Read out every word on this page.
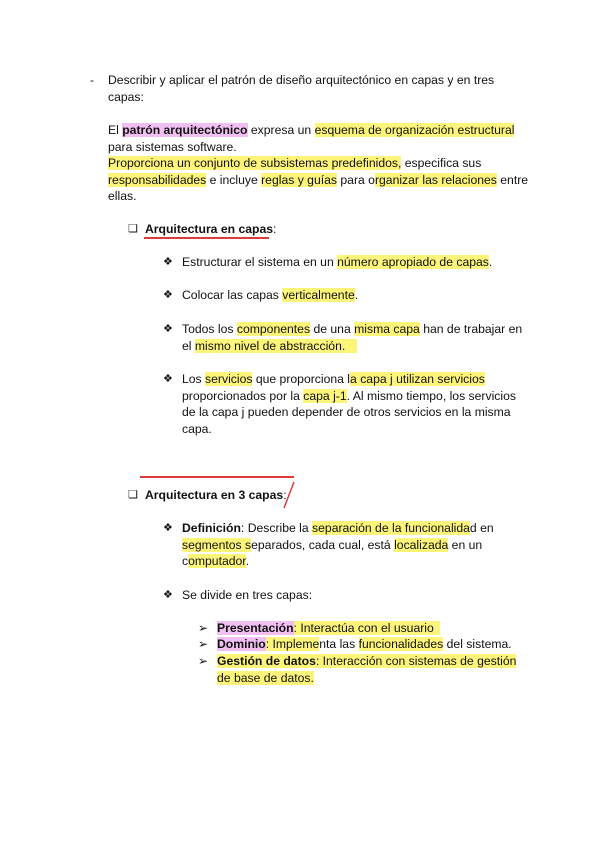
- Describir y aplicar el patrón de diseño arquitectónico en capas y en tres
capas:
El patrón arquitectónico expresa un esquema de organización estructural
para sistemas software.
Proporciona un conjunto de subsistemas predefinidos, especifica sus
responsabilidades e incluye reglas y guías para organizar las relaciones entre
ellas.
❏ Arquitectura en capas:
❖ Estructurar el sistema en un número apropiado de capas.
❖ Colocar las capas verticalmente.
❖ Todos los componentes de una misma capa han de trabajar en
el mismo nivel de abstracción.
❖ Los servicios que proporciona la capa j utilizan servicios
proporcionados por la capa j-1. Al mismo tiempo, los servicios
de la capa j pueden depender de otros servicios en la misma
capa.
❏ Arquitectura en 3 capas:
❖ Definición: Describe la separación de la funcionalidad en
segmentos separados, cada cual, está localizada en un
computador.
❖ Se divide en tres capas:
➢ Presentación: Interactúa con el usuario
➢ Dominio: Implementa las funcionalidades del sistema.
➢ Gestión de datos: Interacción con sistemas de gestión
de base de datos.
